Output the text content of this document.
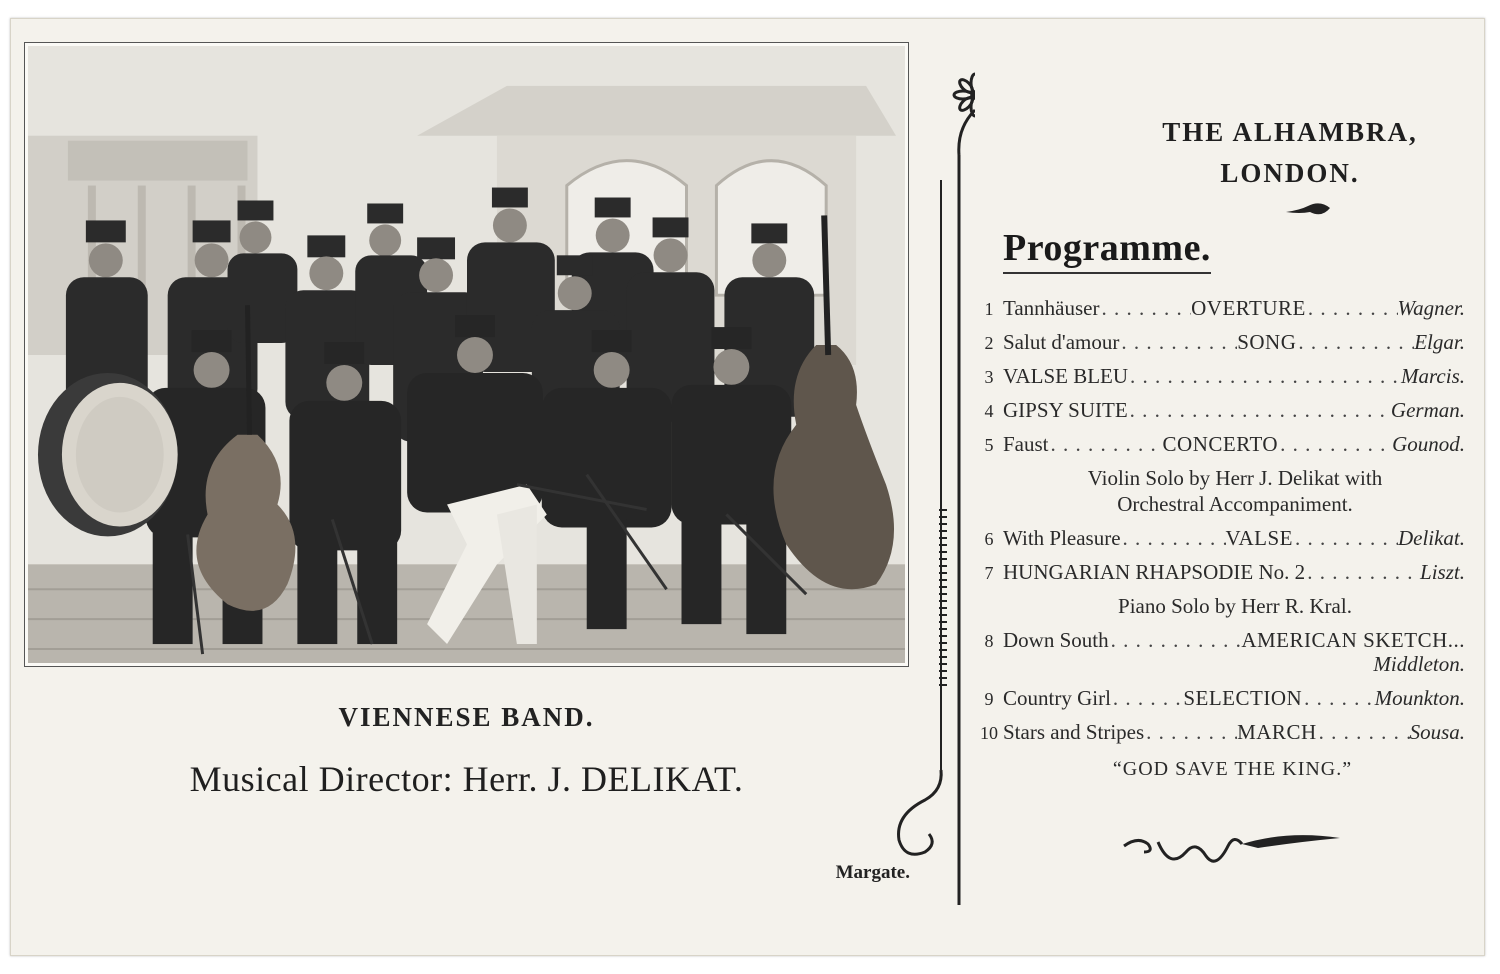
VIENNESE BAND.
Musical Director: Herr. J. DELIKAT.
Margate.
THE ALHAMBRA,
LONDON.
Programme.
1 Tannhäuser . . .	OVERTURE . . .	Wagner.
2 Salut d'amour . . .	SONG . . .	Elgar.
3 VALSE BLEU . . .	Marcis.
4 GIPSY SUITE . . .	German.
5 Faust . . .	CONCERTO . . .	Gounod.
Violin Solo by Herr J. Delikat with
Orchestral Accompaniment.
6 With Pleasure . . .	VALSE . . .	Delikat.
7 HUNGARIAN RHAPSODIE No. 2 . . .	Liszt.
Piano Solo by Herr R. Kral.
8 Down South . . .	AMERICAN SKETCH...
Middleton.
9 Country Girl . . .	SELECTION . . .	Mounkton.
10 Stars and Stripes . . .	MARCH . . .	Sousa.
“GOD SAVE THE KING.”
